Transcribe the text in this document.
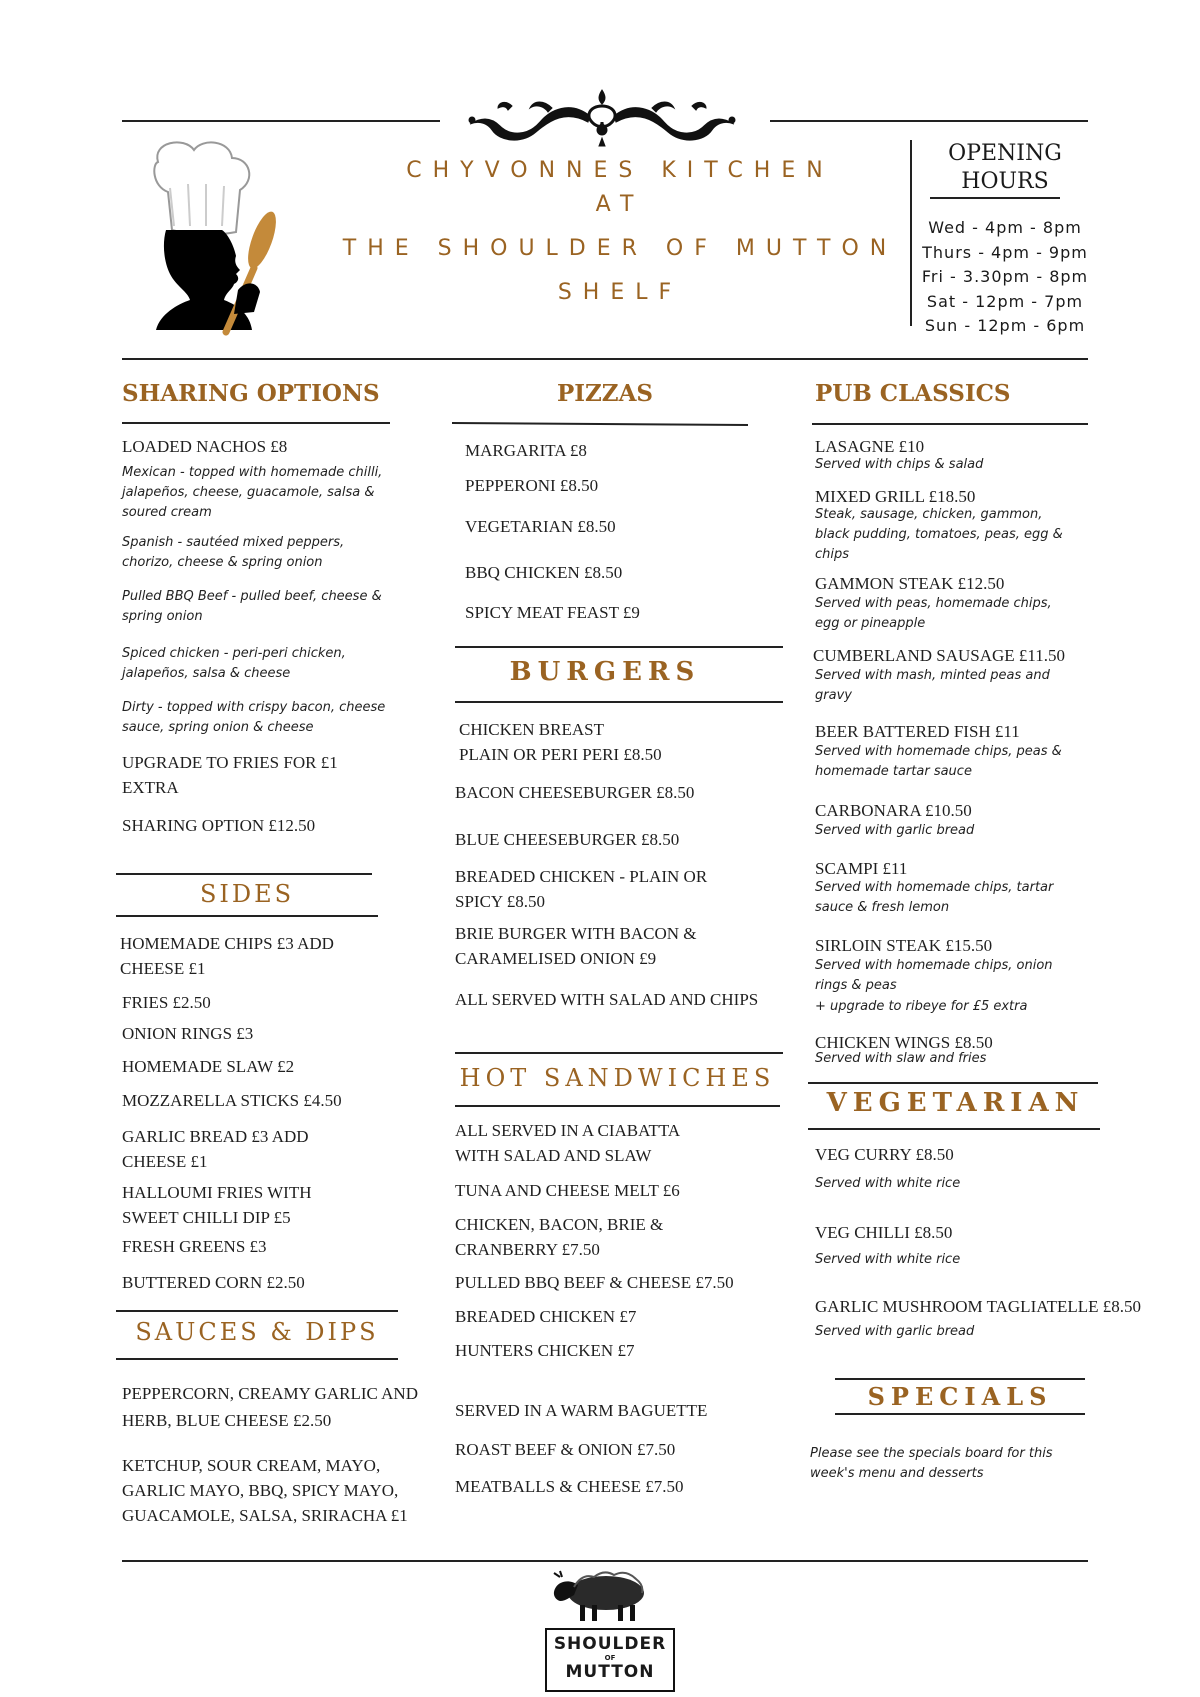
CHYVONNES KITCHEN
AT
THE SHOULDER OF MUTTON
SHELF
OPENING
HOURS
Wed - 4pm - 8pm
Thurs - 4pm - 9pm
Fri - 3.30pm - 8pm
Sat - 12pm - 7pm
Sun - 12pm - 6pm
SHARING OPTIONS
LOADED NACHOS £8
Mexican - topped with homemade chilli, jalapeños, cheese, guacamole, salsa & soured cream
Spanish - sautéed mixed peppers, chorizo, cheese & spring onion
Pulled BBQ Beef - pulled beef, cheese & spring onion
Spiced chicken - peri-peri chicken, jalapeños, salsa & cheese
Dirty - topped with crispy bacon, cheese sauce, spring onion & cheese
UPGRADE TO FRIES FOR £1 EXTRA
SHARING OPTION £12.50
SIDES
HOMEMADE CHIPS £3 ADD CHEESE £1
FRIES £2.50
ONION RINGS £3
HOMEMADE SLAW £2
MOZZARELLA STICKS £4.50
GARLIC BREAD £3 ADD CHEESE £1
HALLOUMI FRIES WITH SWEET CHILLI DIP £5
FRESH GREENS £3
BUTTERED CORN £2.50
SAUCES & DIPS
PEPPERCORN, CREAMY GARLIC AND HERB, BLUE CHEESE £2.50
KETCHUP, SOUR CREAM, MAYO, GARLIC MAYO, BBQ, SPICY MAYO, GUACAMOLE, SALSA, SRIRACHA £1
PIZZAS
MARGARITA £8
PEPPERONI £8.50
VEGETARIAN £8.50
BBQ CHICKEN £8.50
SPICY MEAT FEAST £9
BURGERS
CHICKEN BREAST
PLAIN OR PERI PERI £8.50
BACON CHEESEBURGER £8.50
BLUE CHEESEBURGER £8.50
BREADED CHICKEN - PLAIN OR SPICY £8.50
BRIE BURGER WITH BACON & CARAMELISED ONION £9
ALL SERVED WITH SALAD AND CHIPS
HOT SANDWICHES
ALL SERVED IN A CIABATTA WITH SALAD AND SLAW
TUNA AND CHEESE MELT £6
CHICKEN, BACON, BRIE & CRANBERRY £7.50
PULLED BBQ BEEF & CHEESE £7.50
BREADED CHICKEN £7
HUNTERS CHICKEN £7
SERVED IN A WARM BAGUETTE
ROAST BEEF & ONION £7.50
MEATBALLS & CHEESE £7.50
PUB CLASSICS
LASAGNE £10
Served with chips & salad
MIXED GRILL £18.50
Steak, sausage, chicken, gammon, black pudding, tomatoes, peas, egg & chips
GAMMON STEAK £12.50
Served with peas, homemade chips, egg or pineapple
CUMBERLAND SAUSAGE £11.50
Served with mash, minted peas and gravy
BEER BATTERED FISH £11
Served with homemade chips, peas & homemade tartar sauce
CARBONARA £10.50
Served with garlic bread
SCAMPI £11
Served with homemade chips, tartar sauce & fresh lemon
SIRLOIN STEAK £15.50
Served with homemade chips, onion rings & peas
+ upgrade to ribeye for £5 extra
CHICKEN WINGS £8.50
Served with slaw and fries
VEGETARIAN
VEG CURRY £8.50
Served with white rice
VEG CHILLI £8.50
Served with white rice
GARLIC MUSHROOM TAGLIATELLE £8.50
Served with garlic bread
SPECIALS
Please see the specials board for this week's menu and desserts
SHOULDER
OF
MUTTON
